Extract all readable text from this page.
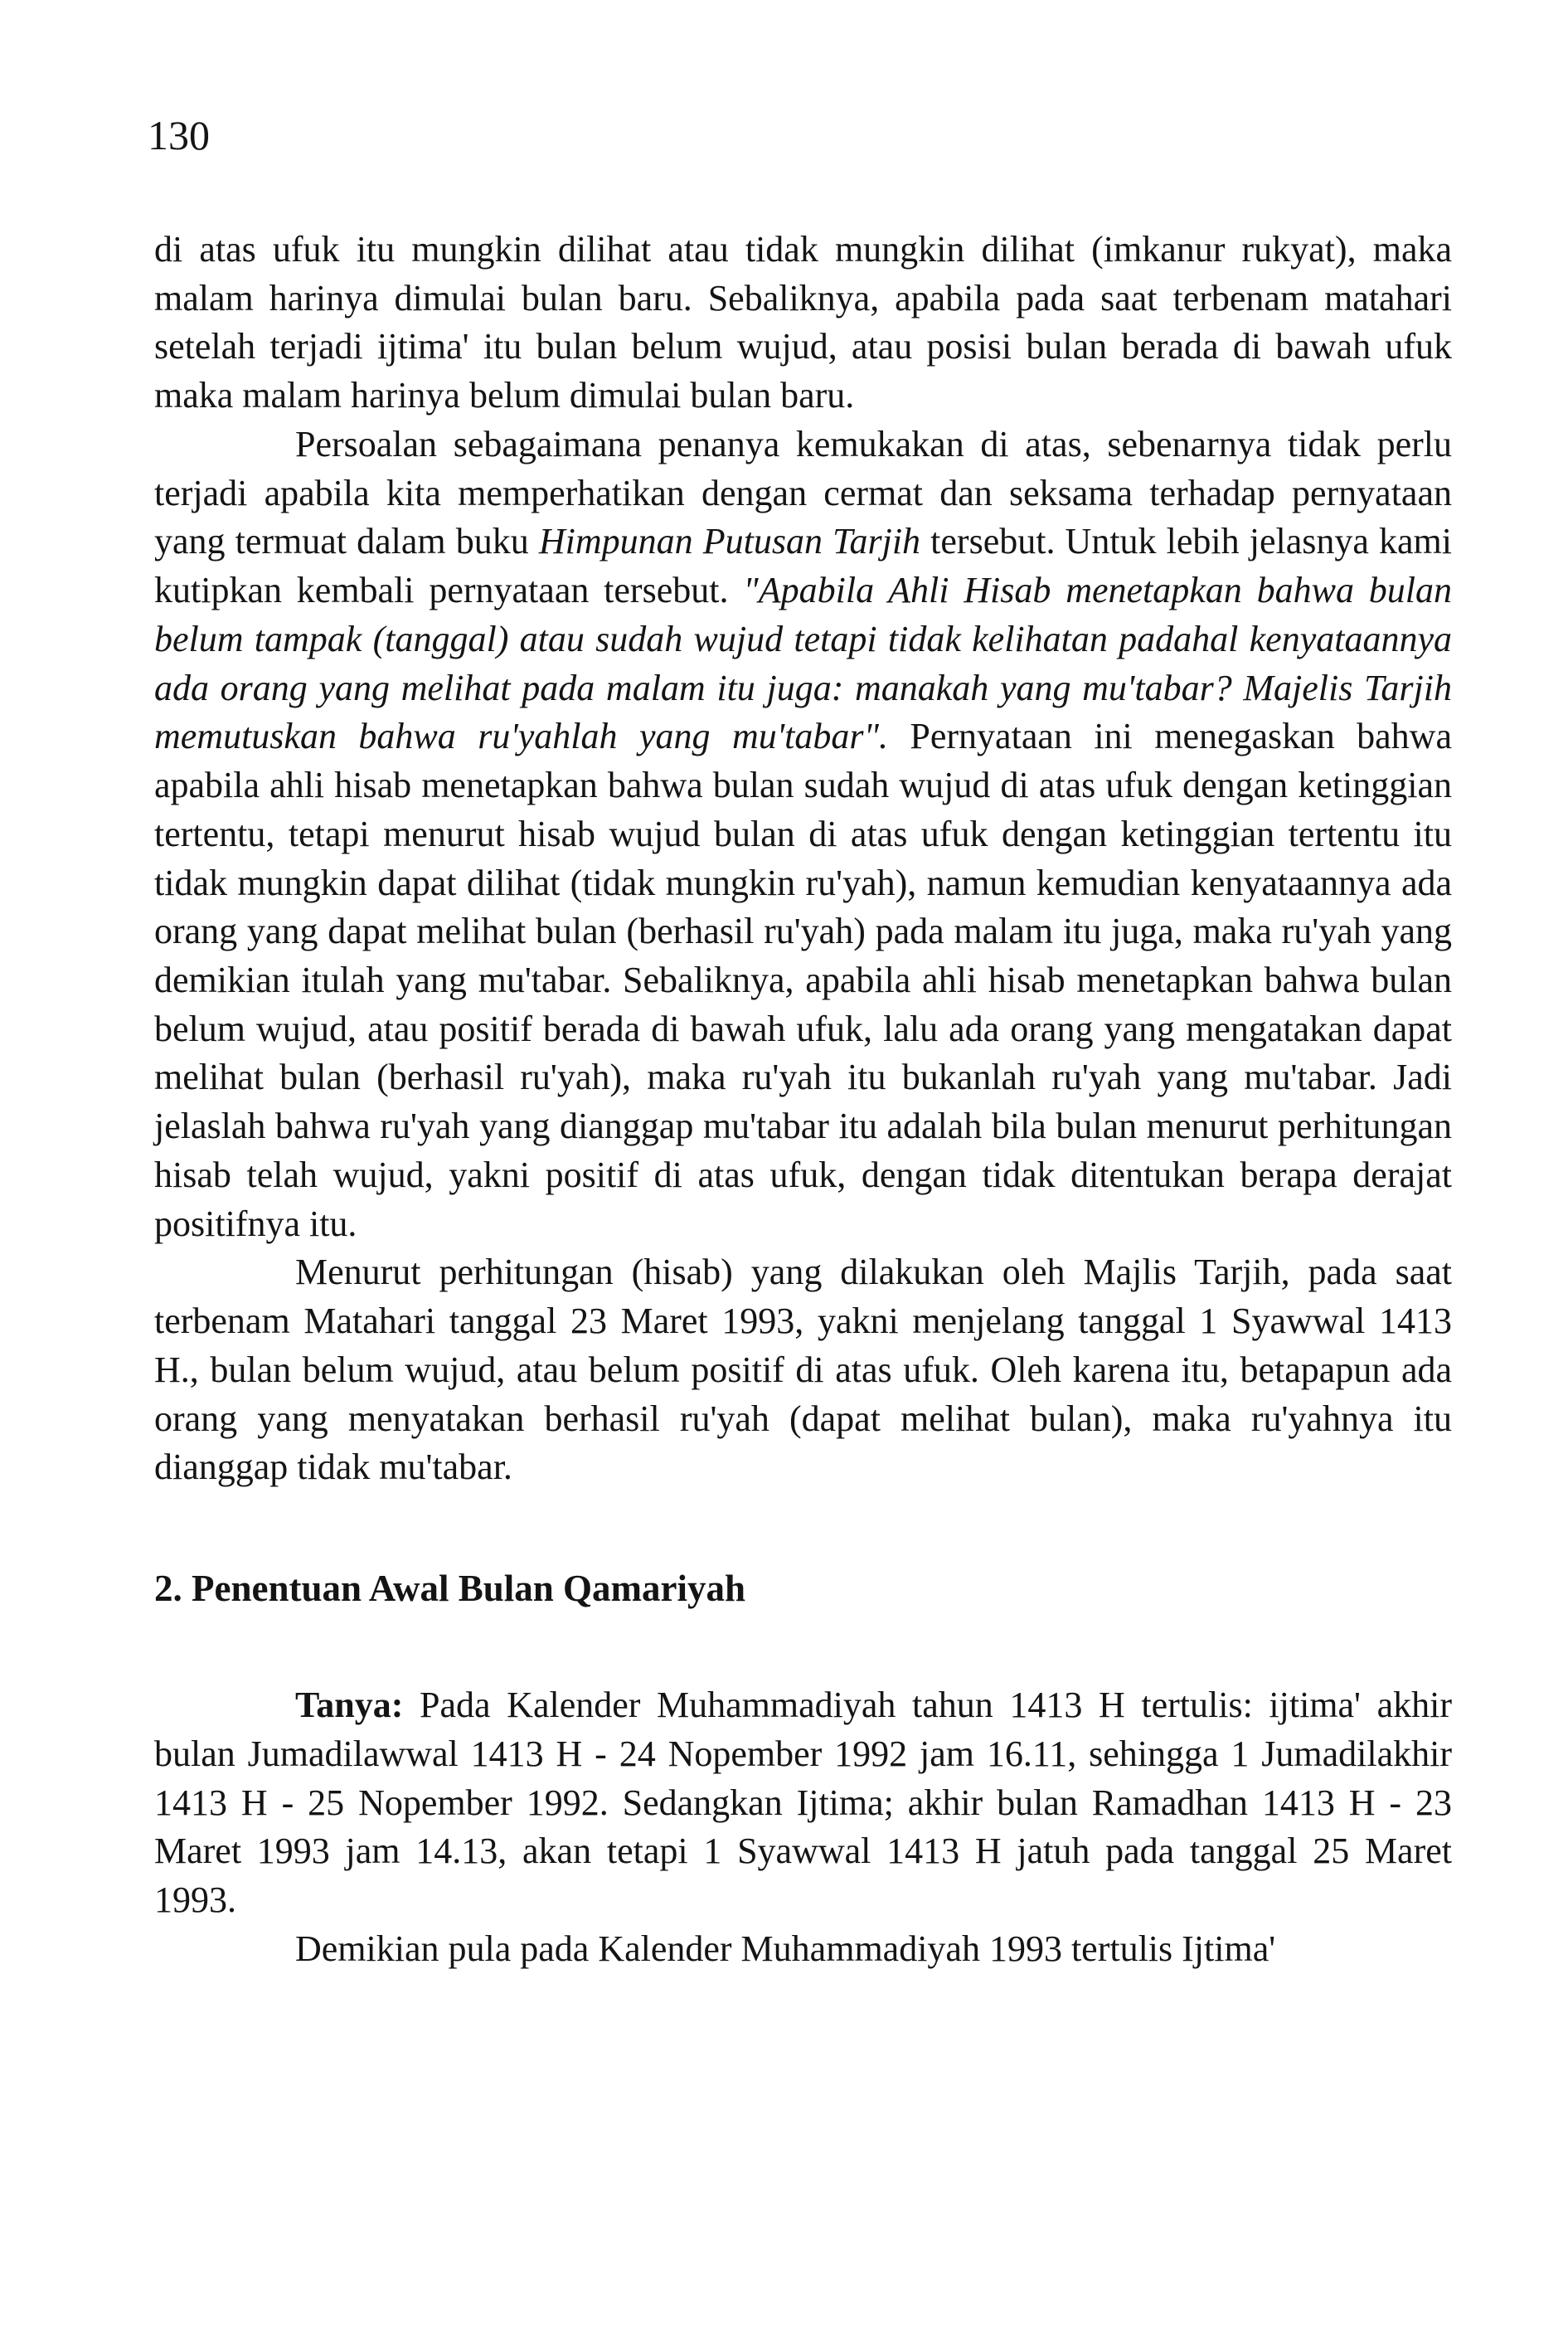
130

di atas ufuk itu mungkin dilihat atau tidak mungkin dilihat (imkanur rukyat), maka malam harinya dimulai bulan baru. Sebaliknya, apabila pada saat terbenam matahari setelah terjadi ijtima' itu bulan belum wujud, atau posisi bulan berada di bawah ufuk maka malam harinya belum dimulai bulan baru.

Persoalan sebagaimana penanya kemukakan di atas, sebenarnya tidak perlu terjadi apabila kita memperhatikan dengan cermat dan seksama terhadap pernyataan yang termuat dalam buku Himpunan Putusan Tarjih tersebut. Untuk lebih jelasnya kami kutipkan kembali pernyataan tersebut. "Apabila Ahli Hisab menetapkan bahwa bulan belum tampak (tanggal) atau sudah wujud tetapi tidak kelihatan padahal kenyataannya ada orang yang melihat pada malam itu juga: manakah yang mu'tabar? Majelis Tarjih memutuskan bahwa ru'yahlah yang mu'tabar". Pernyataan ini menegaskan bahwa apabila ahli hisab menetapkan bahwa bulan sudah wujud di atas ufuk dengan ketinggian tertentu, tetapi menurut hisab wujud bulan di atas ufuk dengan ketinggian tertentu itu tidak mungkin dapat dilihat (tidak mungkin ru'yah), namun kemudian kenyataannya ada orang yang dapat melihat bulan (berhasil ru'yah) pada malam itu juga, maka ru'yah yang demikian itulah yang mu'tabar. Sebaliknya, apabila ahli hisab menetapkan bahwa bulan belum wujud, atau positif berada di bawah ufuk, lalu ada orang yang mengatakan dapat melihat bulan (berhasil ru'yah), maka ru'yah itu bukanlah ru'yah yang mu'tabar. Jadi jelaslah bahwa ru'yah yang dianggap mu'tabar itu adalah bila bulan menurut perhitungan hisab telah wujud, yakni positif di atas ufuk, dengan tidak ditentukan berapa derajat positifnya itu.

Menurut perhitungan (hisab) yang dilakukan oleh Majlis Tarjih, pada saat terbenam Matahari tanggal 23 Maret 1993, yakni menjelang tanggal 1 Syawwal 1413 H., bulan belum wujud, atau belum positif di atas ufuk. Oleh karena itu, betapapun ada orang yang menyatakan berhasil ru'yah (dapat melihat bulan), maka ru'yahnya itu dianggap tidak mu'tabar.

2. Penentuan Awal Bulan Qamariyah

Tanya: Pada Kalender Muhammadiyah tahun 1413 H tertulis: ijtima' akhir bulan Jumadilawwal 1413 H - 24 Nopember 1992 jam 16.11, sehingga 1 Jumadilakhir 1413 H - 25 Nopember 1992. Sedangkan Ijtima; akhir bulan Ramadhan 1413 H - 23 Maret 1993 jam 14.13, akan tetapi 1 Syawwal 1413 H jatuh pada tanggal 25 Maret 1993.

Demikian pula pada Kalender Muhammadiyah 1993 tertulis Ijtima'
